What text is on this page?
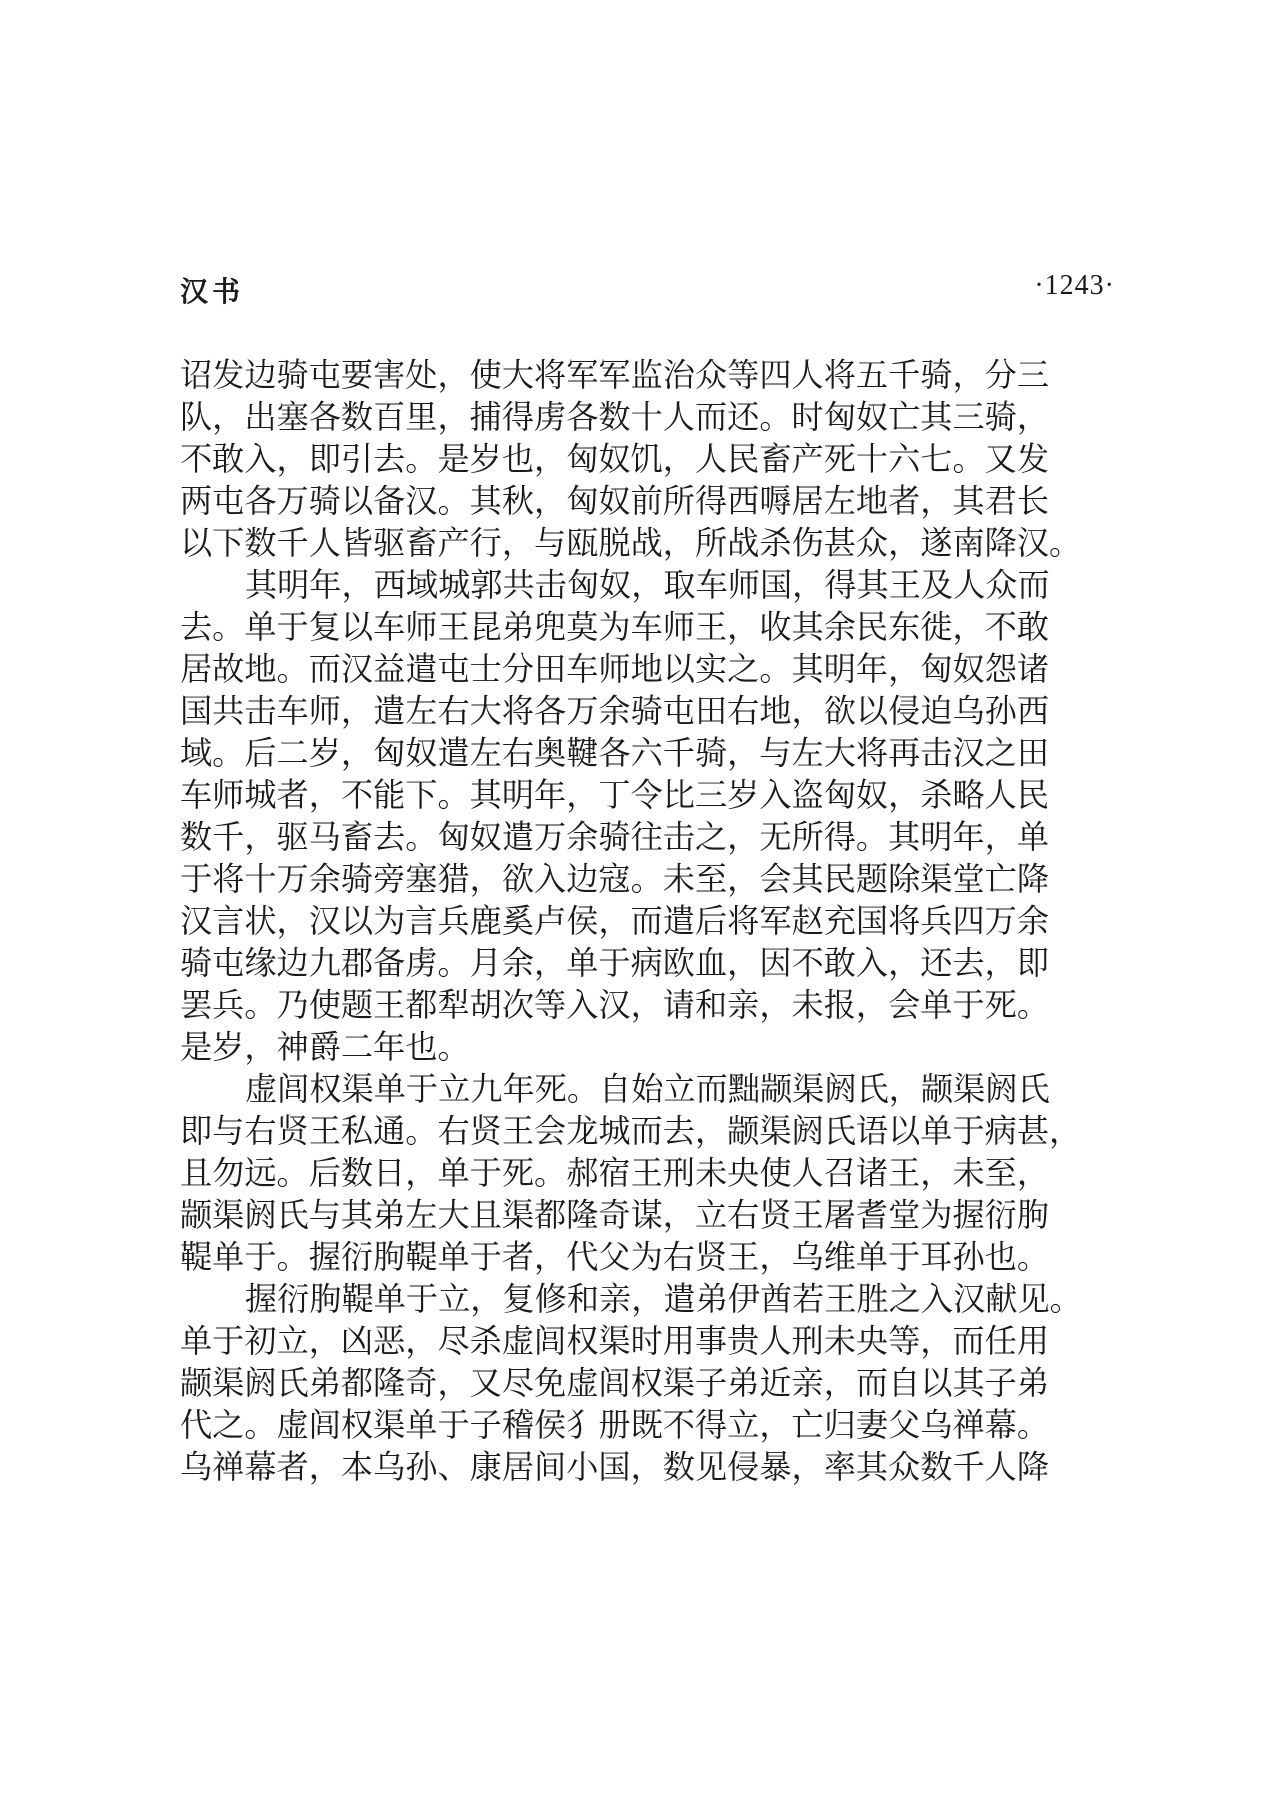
汉书	·1243·
诏发边骑屯要害处，使大将军军监治众等四人将五千骑，分三
队，出塞各数百里，捕得虏各数十人而还。时匈奴亡其三骑，
不敢入，即引去。是岁也，匈奴饥，人民畜产死十六七。又发
两屯各万骑以备汉。其秋，匈奴前所得西嗕居左地者，其君长
以下数千人皆驱畜产行，与瓯脱战，所战杀伤甚众，遂南降汉。
其明年，西域城郭共击匈奴，取车师国，得其王及人众而
去。单于复以车师王昆弟兜莫为车师王，收其余民东徙，不敢
居故地。而汉益遣屯士分田车师地以实之。其明年，匈奴怨诸
国共击车师，遣左右大将各万余骑屯田右地，欲以侵迫乌孙西
域。后二岁，匈奴遣左右奥鞬各六千骑，与左大将再击汉之田
车师城者，不能下。其明年，丁令比三岁入盗匈奴，杀略人民
数千，驱马畜去。匈奴遣万余骑往击之，无所得。其明年，单
于将十万余骑旁塞猎，欲入边寇。未至，会其民题除渠堂亡降
汉言状，汉以为言兵鹿奚卢侯，而遣后将军赵充国将兵四万余
骑屯缘边九郡备虏。月余，单于病欧血，因不敢入，还去，即
罢兵。乃使题王都犁胡次等入汉，请和亲，未报，会单于死。
是岁，神爵二年也。
虚闾权渠单于立九年死。自始立而黜颛渠阏氏，颛渠阏氏
即与右贤王私通。右贤王会龙城而去，颛渠阏氏语以单于病甚，
且勿远。后数日，单于死。郝宿王刑未央使人召诸王，未至，
颛渠阏氏与其弟左大且渠都隆奇谋，立右贤王屠耆堂为握衍朐
鞮单于。握衍朐鞮单于者，代父为右贤王，乌维单于耳孙也。
握衍朐鞮单于立，复修和亲，遣弟伊酋若王胜之入汉献见。
单于初立，凶恶，尽杀虚闾权渠时用事贵人刑未央等，而任用
颛渠阏氏弟都隆奇，又尽免虚闾权渠子弟近亲，而自以其子弟
代之。虚闾权渠单于子稽侯犭册既不得立，亡归妻父乌禅幕。
乌禅幕者，本乌孙、康居间小国，数见侵暴，率其众数千人降
